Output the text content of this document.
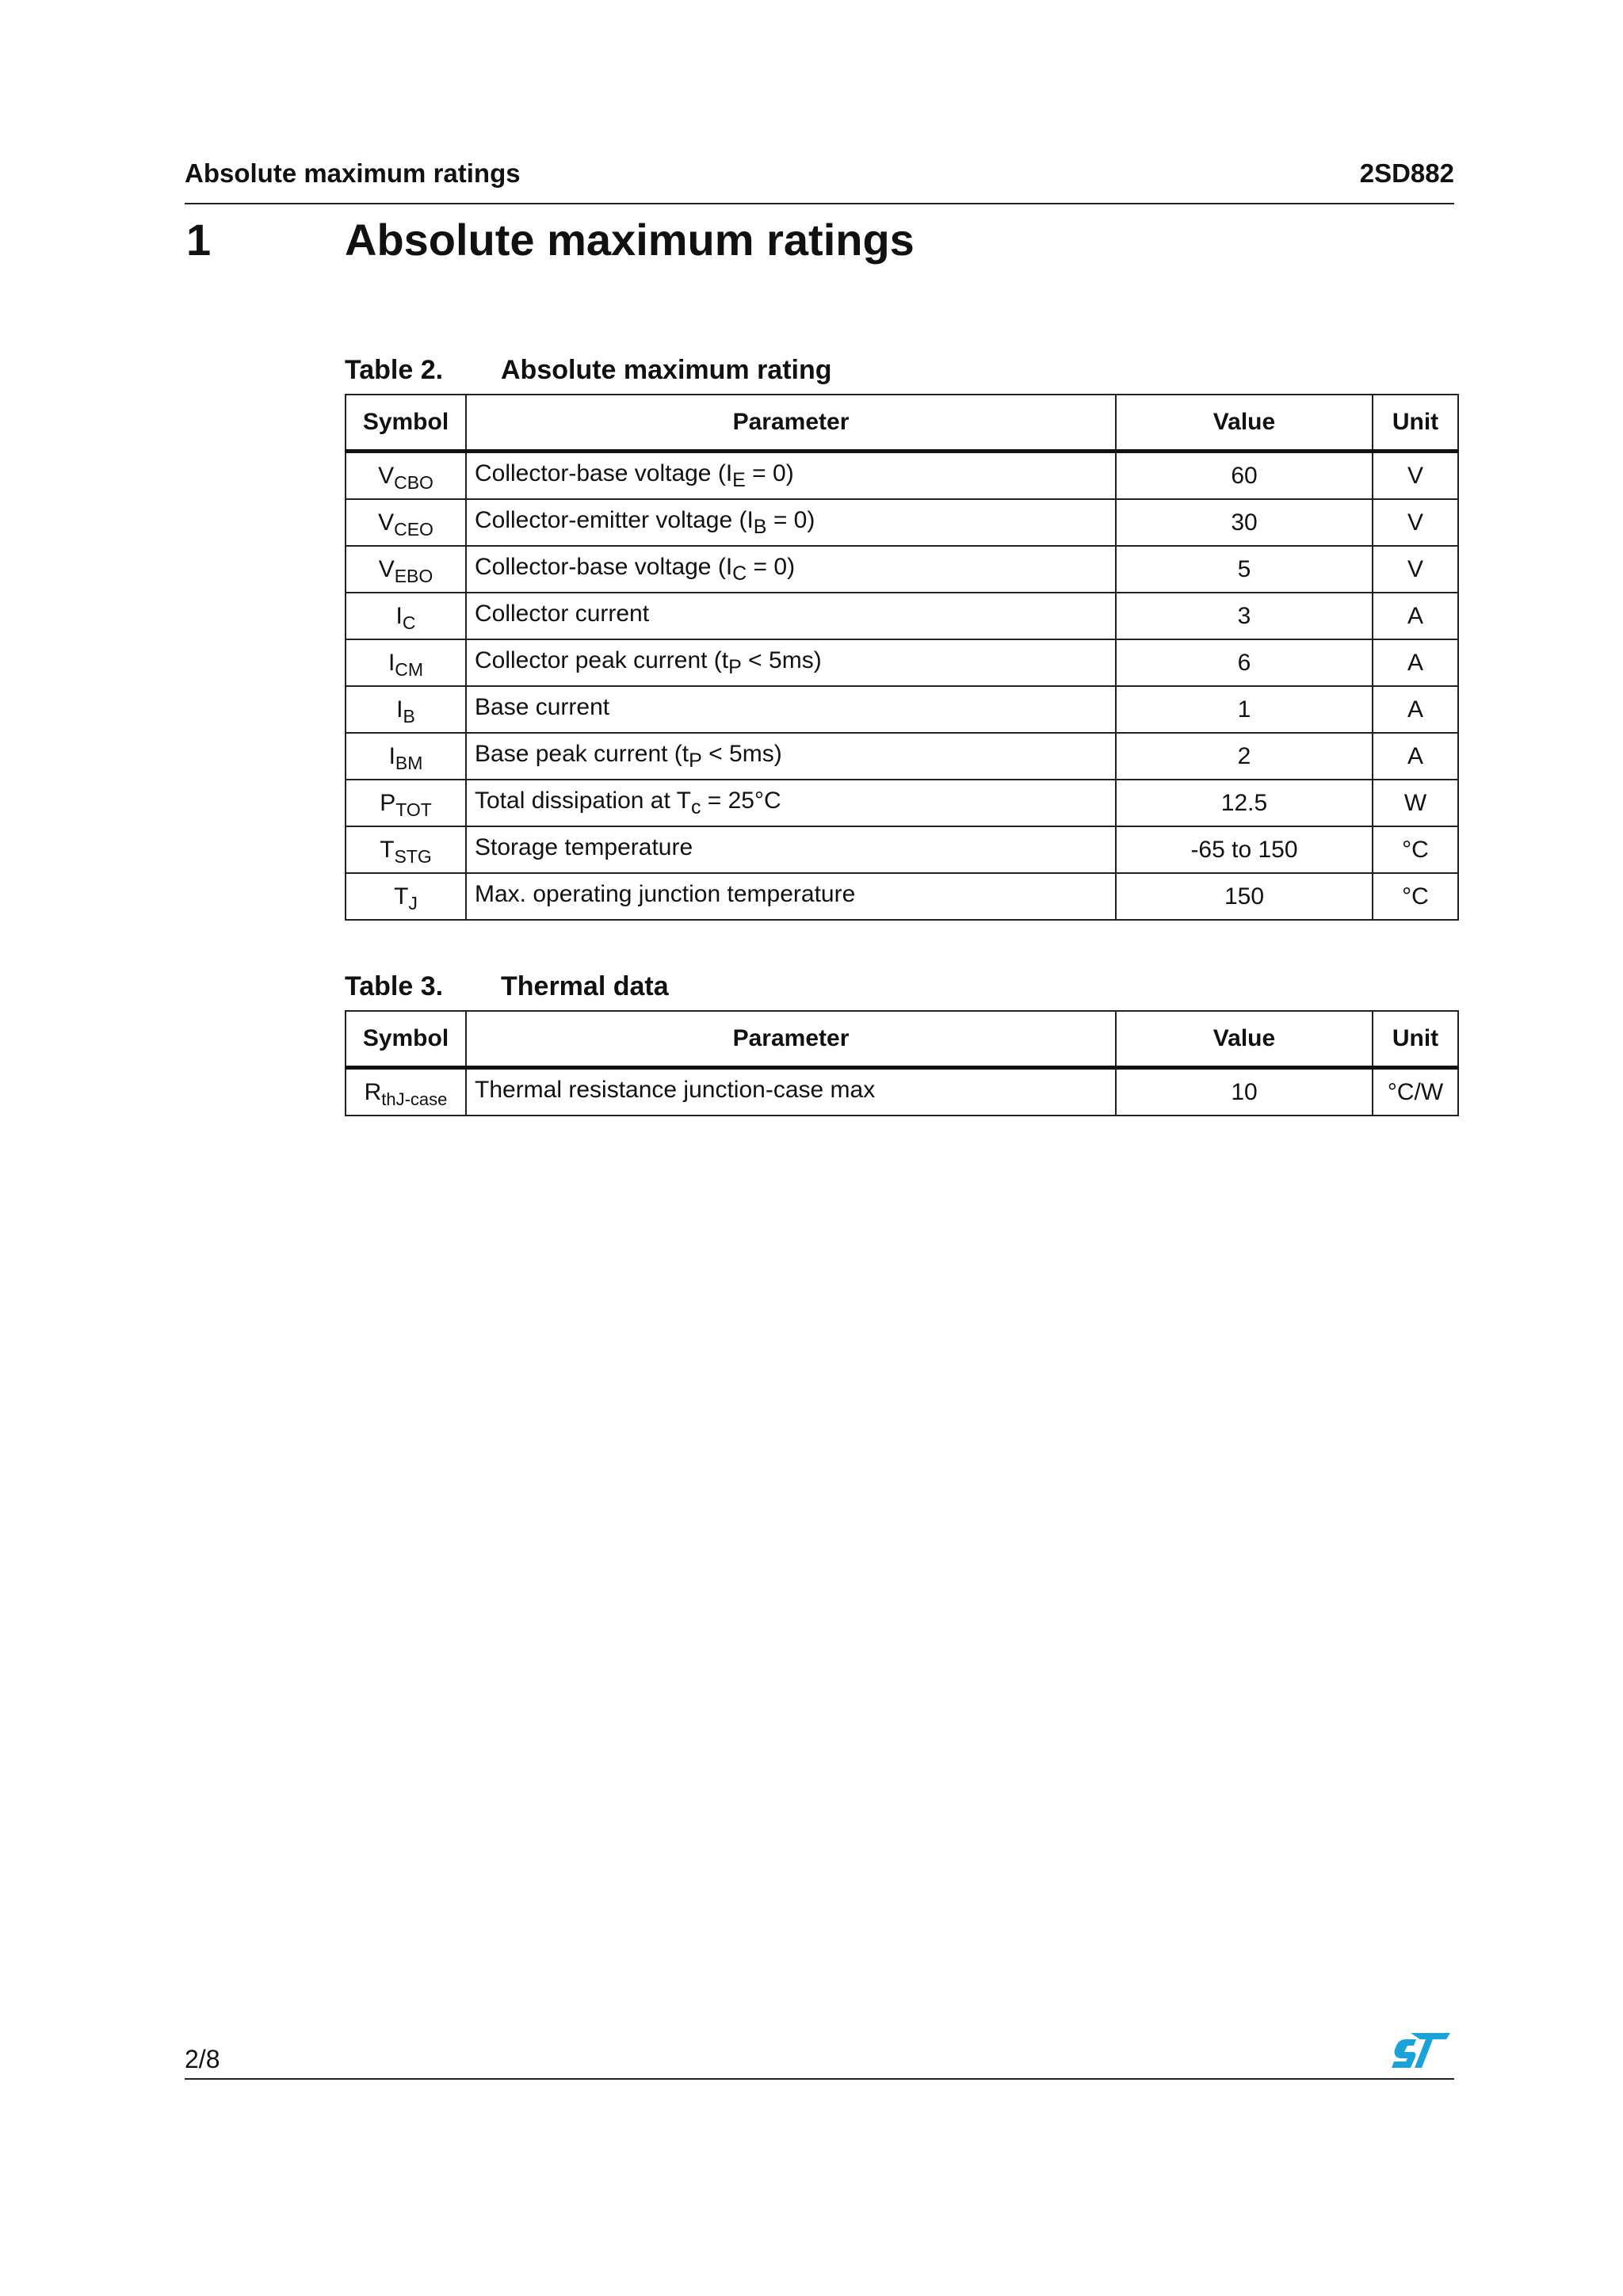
Absolute maximum ratings	2SD882
1	Absolute maximum ratings
Table 2. Absolute maximum rating
Symbol	Parameter	Value	Unit
$V_{CBO}$	Collector-base voltage $(I_E = 0)$	60	V
$V_{CEO}$	Collector-emitter voltage $(I_B = 0)$	30	V
$V_{EBO}$	Collector-base voltage $(I_C = 0)$	5	V
$I_C$	Collector current	3	A
$I_{CM}$	Collector peak current $(t_P < 5ms)$	6	A
$I_B$	Base current	1	A
$I_{BM}$	Base peak current $(t_P < 5ms)$	2	A
$P_{TOT}$	Total dissipation at $T_c = 25^\circ C$	12.5	W
$T_{STG}$	Storage temperature	-65 to 150	°C
$T_J$	Max. operating junction temperature	150	°C
Table 3. Thermal data
Symbol	Parameter	Value	Unit
$R_{thJ-case}$	Thermal resistance junction-case max	10	°C/W
2/8
